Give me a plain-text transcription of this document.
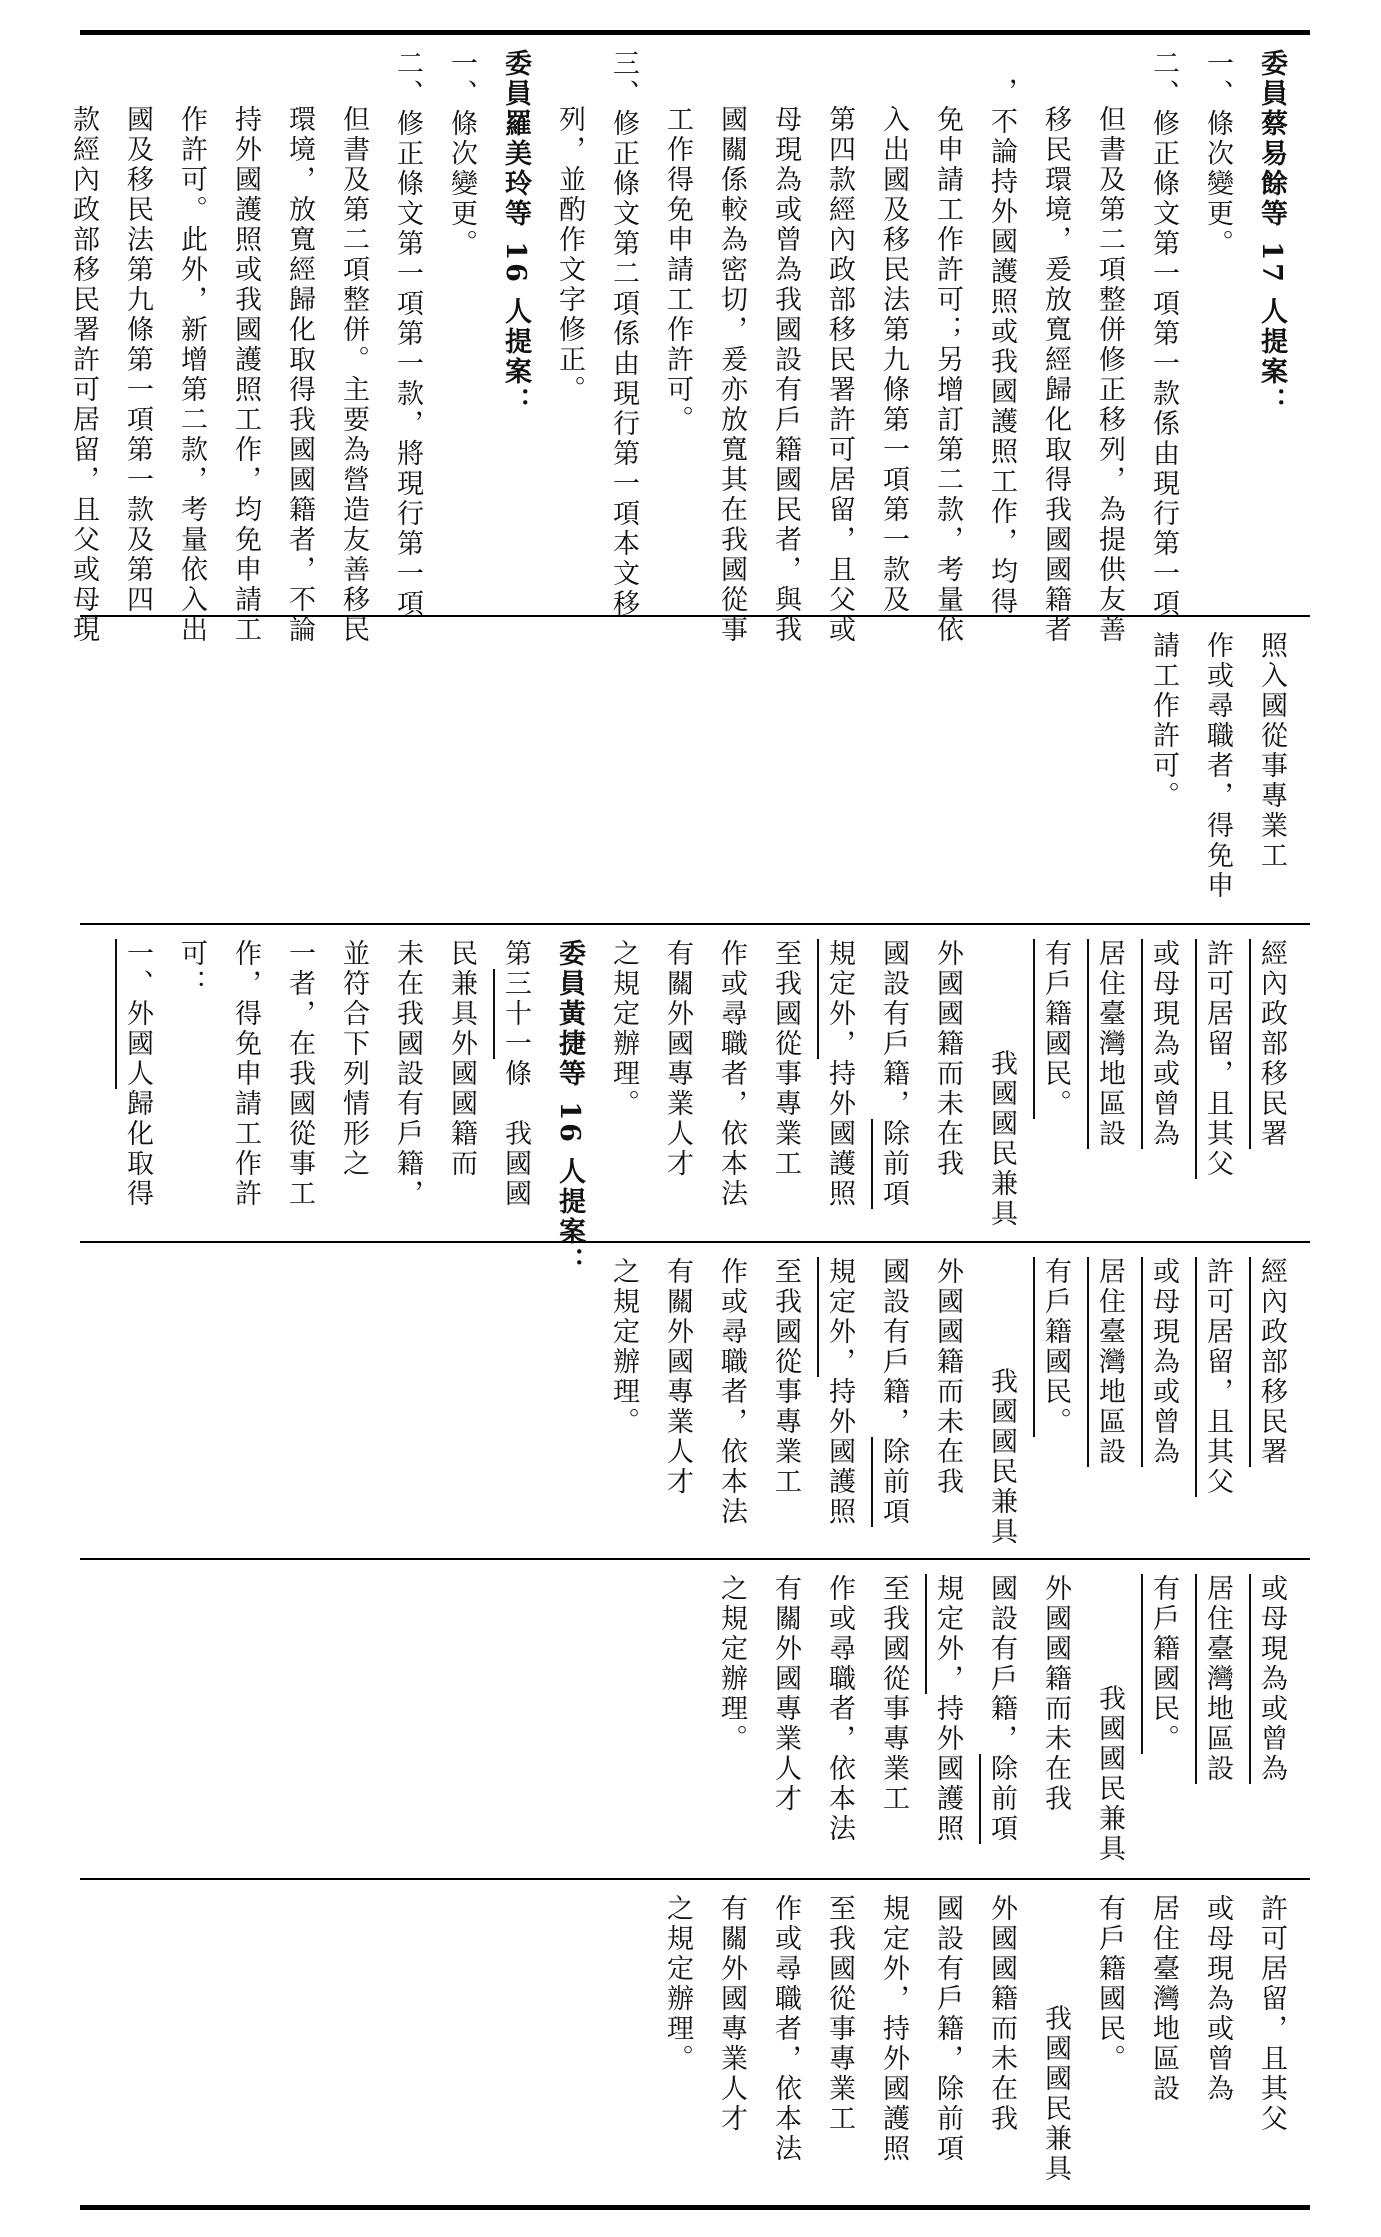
許可居留，且其父

或母現為或曾為

居住臺灣地區設

有戶籍國民。

我國國民兼具

外國國籍而未在我

國設有戶籍，除前項

規定外，持外國護照

至我國從事專業工

作或尋職者，依本法

有關外國專業人才

之規定辦理。

或母現為或曾為

居住臺灣地區設

有戶籍國民。

我國國民兼具

外國國籍而未在我

國設有戶籍，除前項

規定外，持外國護照

至我國從事專業工

作或尋職者，依本法

有關外國專業人才

之規定辦理。

經內政部移民署

許可居留，且其父

或母現為或曾為

居住臺灣地區設

有戶籍國民。

我國國民兼具

外國國籍而未在我

國設有戶籍，除前項

規定外，持外國護照

至我國從事專業工

作或尋職者，依本法

有關外國專業人才

之規定辦理。

經內政部移民署

許可居留，且其父

或母現為或曾為

居住臺灣地區設

有戶籍國民。

我國國民兼具

外國國籍而未在我

國設有戶籍，除前項

規定外，持外國護照

至我國從事專業工

作或尋職者，依本法

有關外國專業人才

之規定辦理。

委員黃捷等 16 人提案：

第三十一條　我國國

民兼具外國國籍而

未在我國設有戶籍，

並符合下列情形之

一者，在我國從事工

作，得免申請工作許

可：

一、外國人歸化取得

照入國從事專業工

作或尋職者，得免申

請工作許可。

委員蔡易餘等 17 人提案：

一、條次變更。

二、修正條文第一項第一款係由現行第一項

但書及第二項整併修正移列，為提供友善

移民環境，爰放寬經歸化取得我國國籍者

，不論持外國護照或我國護照工作，均得

免申請工作許可；另增訂第二款，考量依

入出國及移民法第九條第一項第一款及

第四款經內政部移民署許可居留，且父或

母現為或曾為我國設有戶籍國民者，與我

國關係較為密切，爰亦放寬其在我國從事

工作得免申請工作許可。

三、修正條文第二項係由現行第一項本文移

列，並酌作文字修正。

委員羅美玲等 16 人提案：

一、條次變更。

二、修正條文第一項第一款，將現行第一項

但書及第二項整併。主要為營造友善移民

環境，放寬經歸化取得我國國籍者，不論

持外國護照或我國護照工作，均免申請工

作許可。此外，新增第二款，考量依入出

國及移民法第九條第一項第一款及第四

款經內政部移民署許可居留，且父或母現
